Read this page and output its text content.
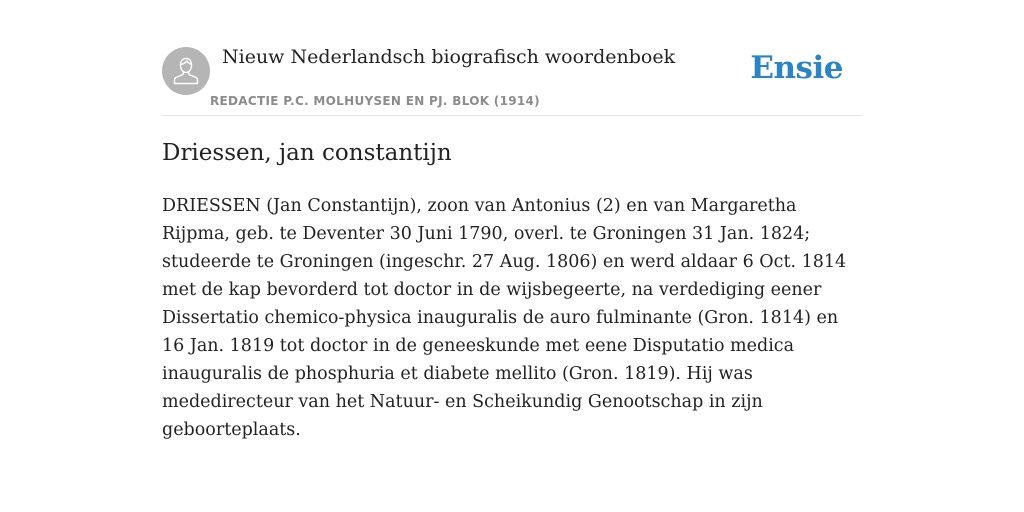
Nieuw Nederlandsch biografisch woordenboek
REDACTIE P.C. MOLHUYSEN EN PJ. BLOK (1914)
Ensie
Driessen, jan constantijn

DRIESSEN (Jan Constantijn), zoon van Antonius (2) en van Margaretha Rijpma, geb. te Deventer 30 Juni 1790, overl. te Groningen 31 Jan. 1824; studeerde te Groningen (ingeschr. 27 Aug. 1806) en werd aldaar 6 Oct. 1814 met de kap bevorderd tot doctor in de wijsbegeerte, na verdediging eener Dissertatio chemico-physica inauguralis de auro fulminante (Gron. 1814) en 16 Jan. 1819 tot doctor in de geneeskunde met eene Disputatio medica inauguralis de phosphuria et diabete mellito (Gron. 1819). Hij was mededirecteur van het Natuur- en Scheikundig Genootschap in zijn geboorteplaats.
